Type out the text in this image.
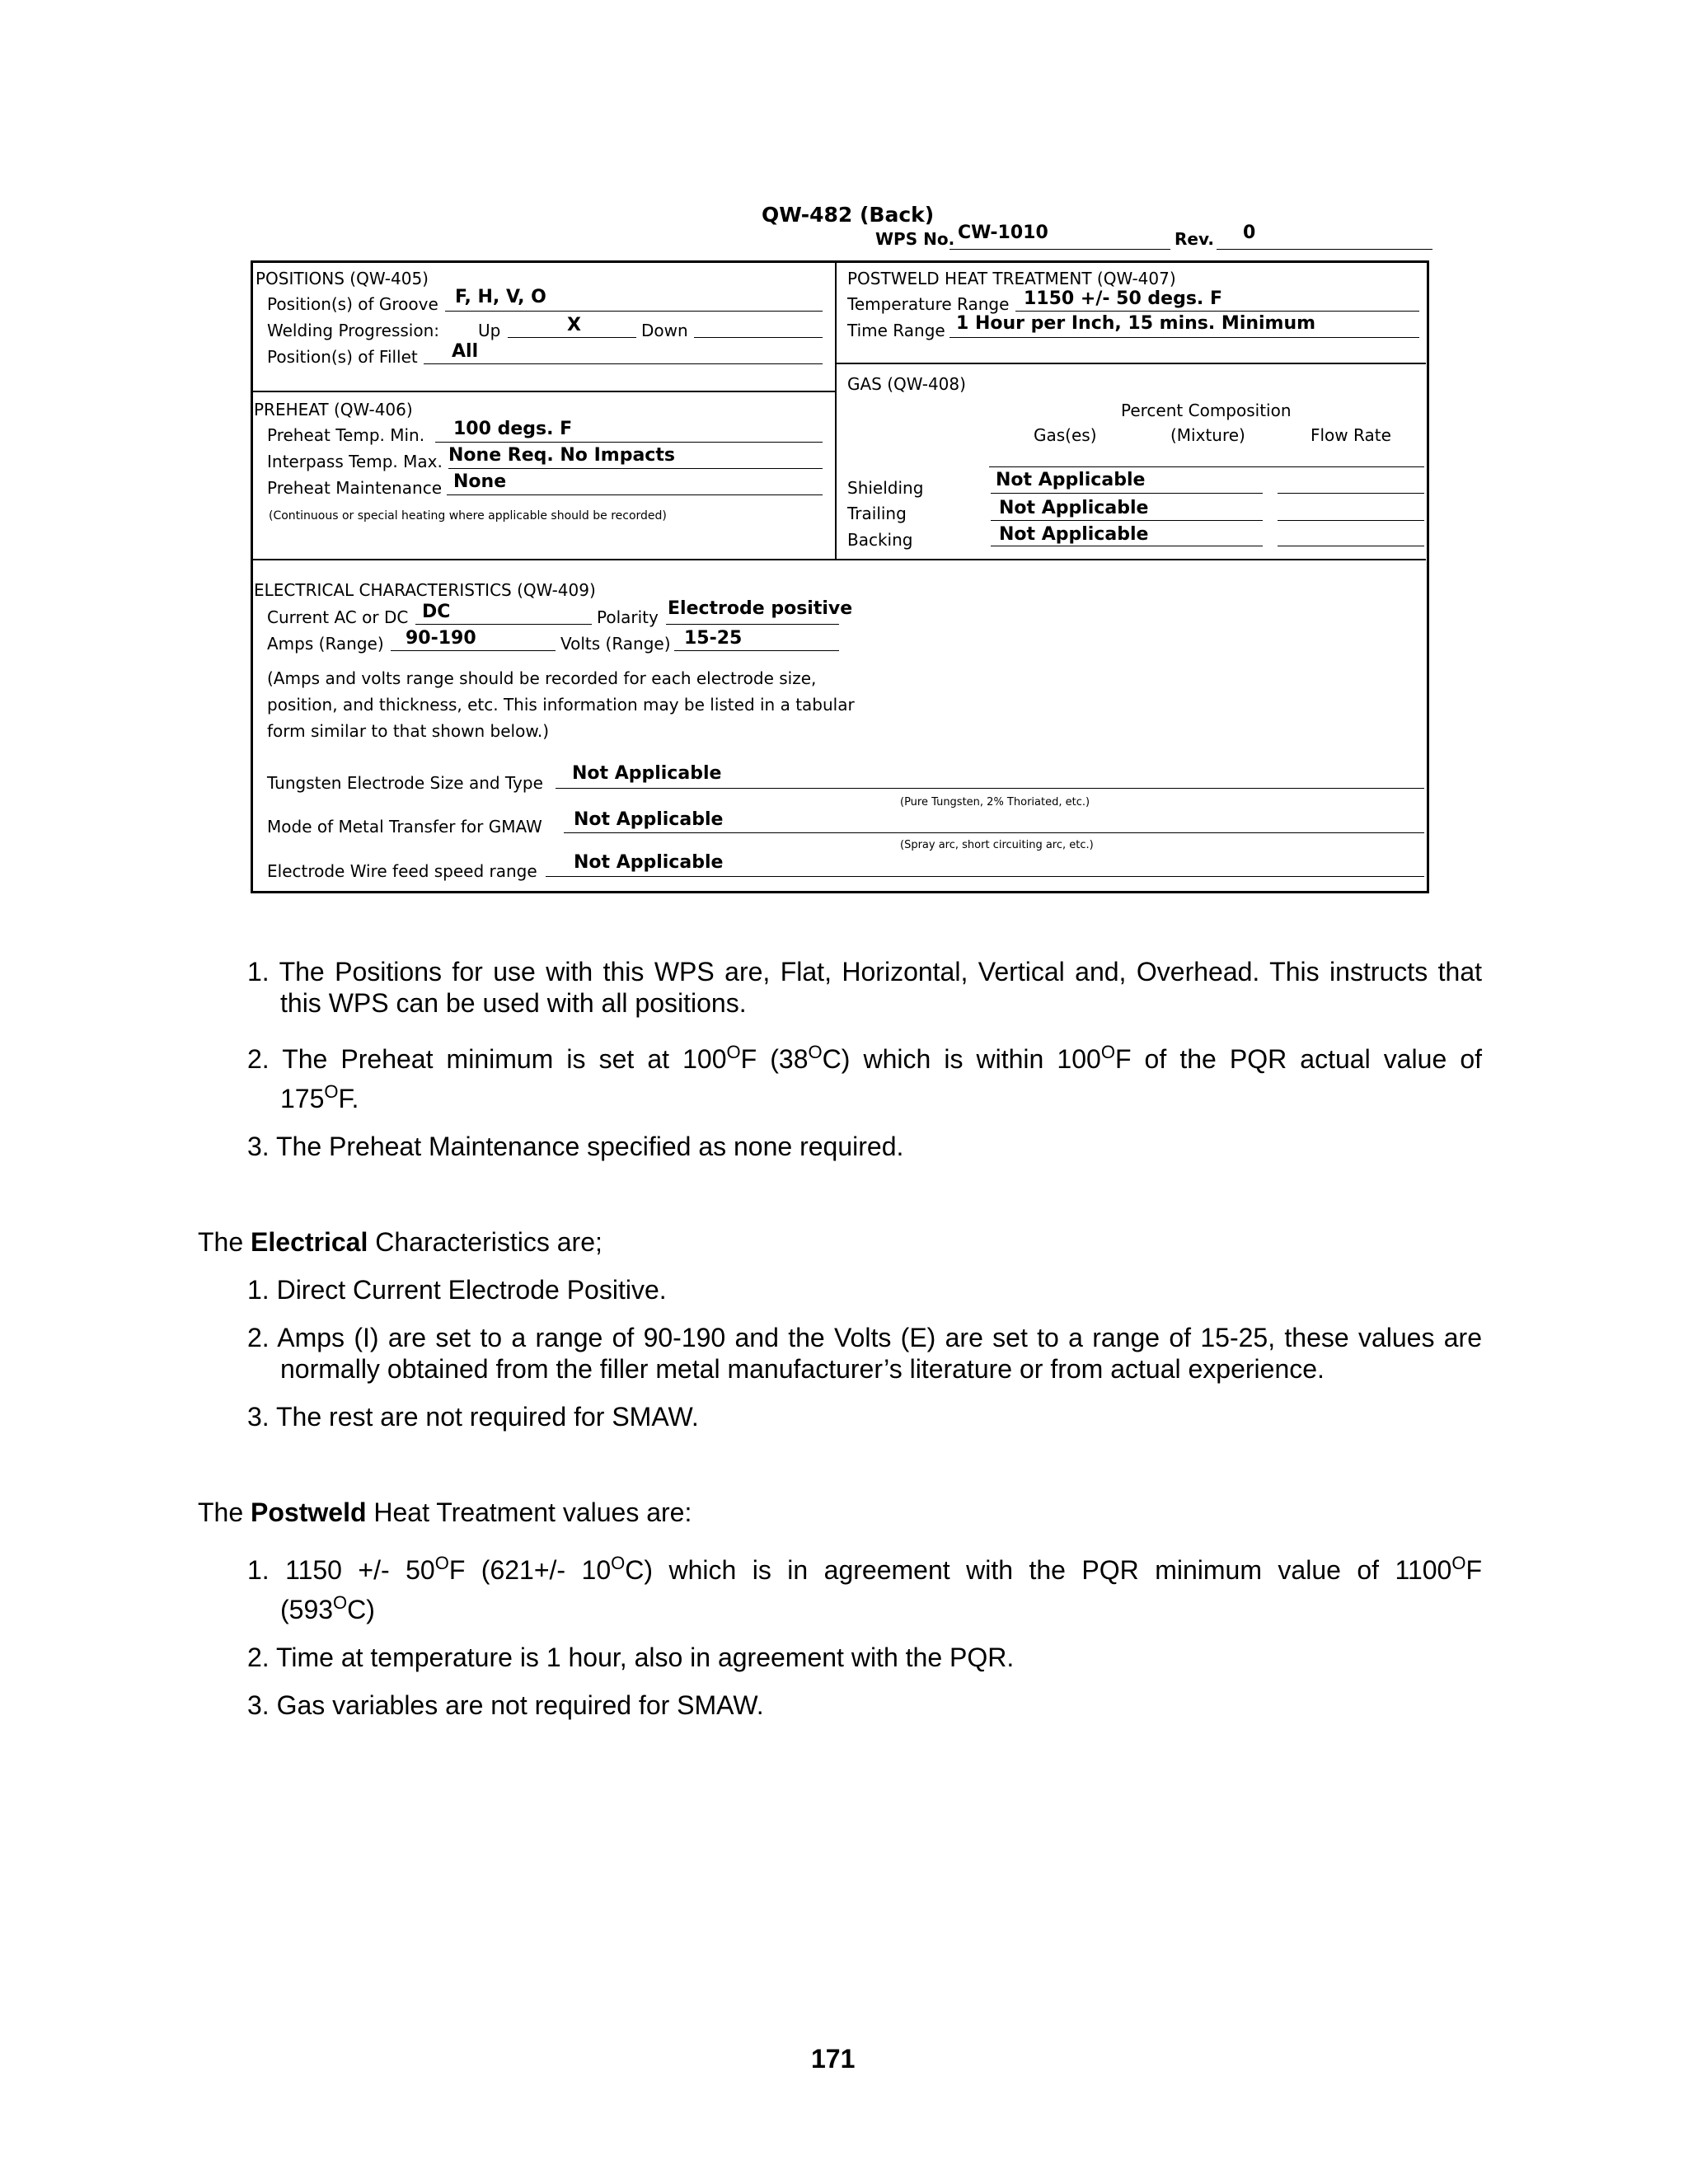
QW-482 (Back)
WPS No. CW-1010	Rev. 0
POSITIONS (QW-405)
Position(s) of Groove F, H, V, O
Welding Progression: Up	X	Down
Position(s) of Fillet All
POSTWELD HEAT TREATMENT (QW-407)
Temperature Range 1150 +/- 50 degs. F
Time Range 1 Hour per Inch, 15 mins. Minimum
PREHEAT (QW-406)
Preheat Temp. Min. 100 degs. F
Interpass Temp. Max. None Req. No Impacts
Preheat Maintenance None
(Continuous or special heating where applicable should be recorded)
GAS (QW-408)
Percent Composition
Gas(es)	(Mixture)	Flow Rate
Shielding	Not Applicable
Trailing	Not Applicable
Backing	Not Applicable
ELECTRICAL CHARACTERISTICS (QW-409)
Current AC or DC DC	Polarity Electrode positive
Amps (Range) 90-190	Volts (Range) 15-25
(Amps and volts range should be recorded for each electrode size,
position, and thickness, etc. This information may be listed in a tabular
form similar to that shown below.)
Tungsten Electrode Size and Type Not Applicable
(Pure Tungsten, 2% Thoriated, etc.)
Mode of Metal Transfer for GMAW Not Applicable
(Spray arc, short circuiting arc, etc.)
Electrode Wire feed speed range Not Applicable
1. The Positions for use with this WPS are, Flat, Horizontal, Vertical and, Overhead. This instructs that
this WPS can be used with all positions.
2. The Preheat minimum is set at $100^OF$ $(38^OC)$ which is within $100^OF$ of the PQR actual value of
$175^OF$.
3. The Preheat Maintenance specified as none required.
The Electrical Characteristics are;
1. Direct Current Electrode Positive.
2. Amps (I) are set to a range of 90-190 and the Volts (E) are set to a range of 15-25, these values are
normally obtained from the filler metal manufacturer’s literature or from actual experience.
3. The rest are not required for SMAW.
The Postweld Heat Treatment values are:
1. 1150 +/- $50^OF$ (621+/- $10^OC$) which is in agreement with the PQR minimum value of $1100^OF$
$(593^OC)$
2. Time at temperature is 1 hour, also in agreement with the PQR.
3. Gas variables are not required for SMAW.
171
